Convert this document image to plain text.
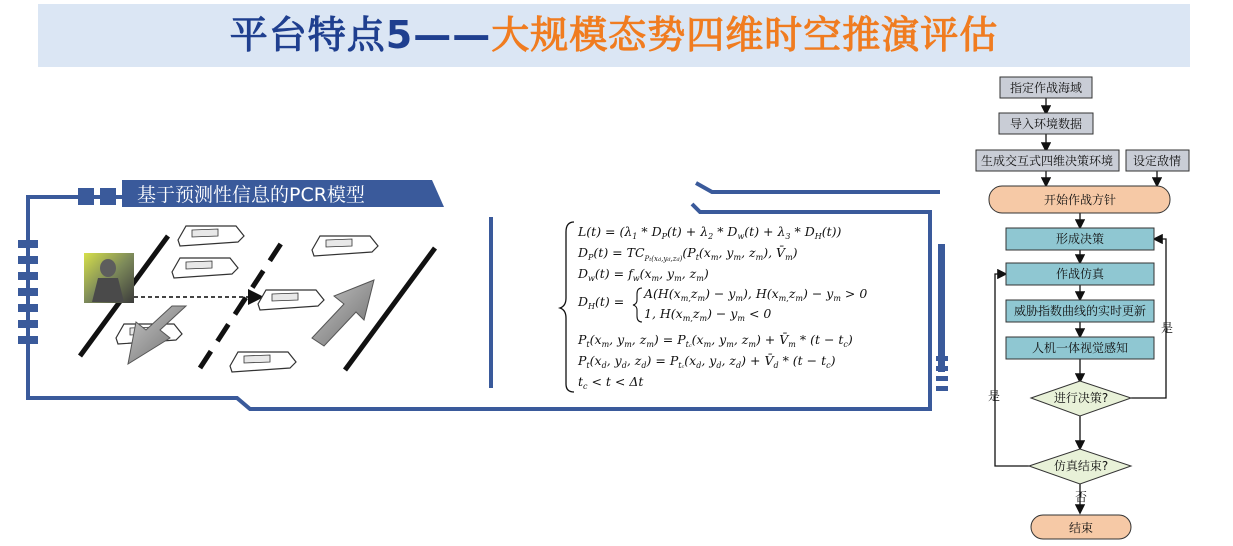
平台特点5——大规模态势四维时空推演评估
基于预测性信息的PCR模型
$L(t) = (\lambda_1 * D_P(t) + \lambda_2 * D_w(t) + \lambda_3 * D_H(t))$
$D_P(t) = TC_{Pt(xd,yd,zd)}(P_t(x_m$, $y_m$, $z_m$), $V̄_m$)
$D_w(t) = f_w(x_m$, $y_m$, $z_m$)
$D_H(t)$ =
$A(H(x_{m,}z_m) - y_m)$, $H(x_{m,}z_m) - y_m > 0$
1, $H(x_{m,}z_m) - y_m < 0$
$P_t(x_m$, $y_m$, $z_m) = P_{tc}(x_m$, $y_m$, $z_m$) + $V̄_m * (t - t_c)$
$P_t(x_d$, $y_d$, $z_d) = P_{tc}(x_d$, $y_d$, $z_d$) + $V̄_d * (t - t_c)$
$t_c < t < \Delta t$
指定作战海域
导入环境数据
生成交互式四维决策环境 设定敌情
开始作战方针
形成决策
作战仿真
威胁指数曲线的实时更新
人机一体视觉感知
进行决策?
仿真结束?
结束
是
是
否
